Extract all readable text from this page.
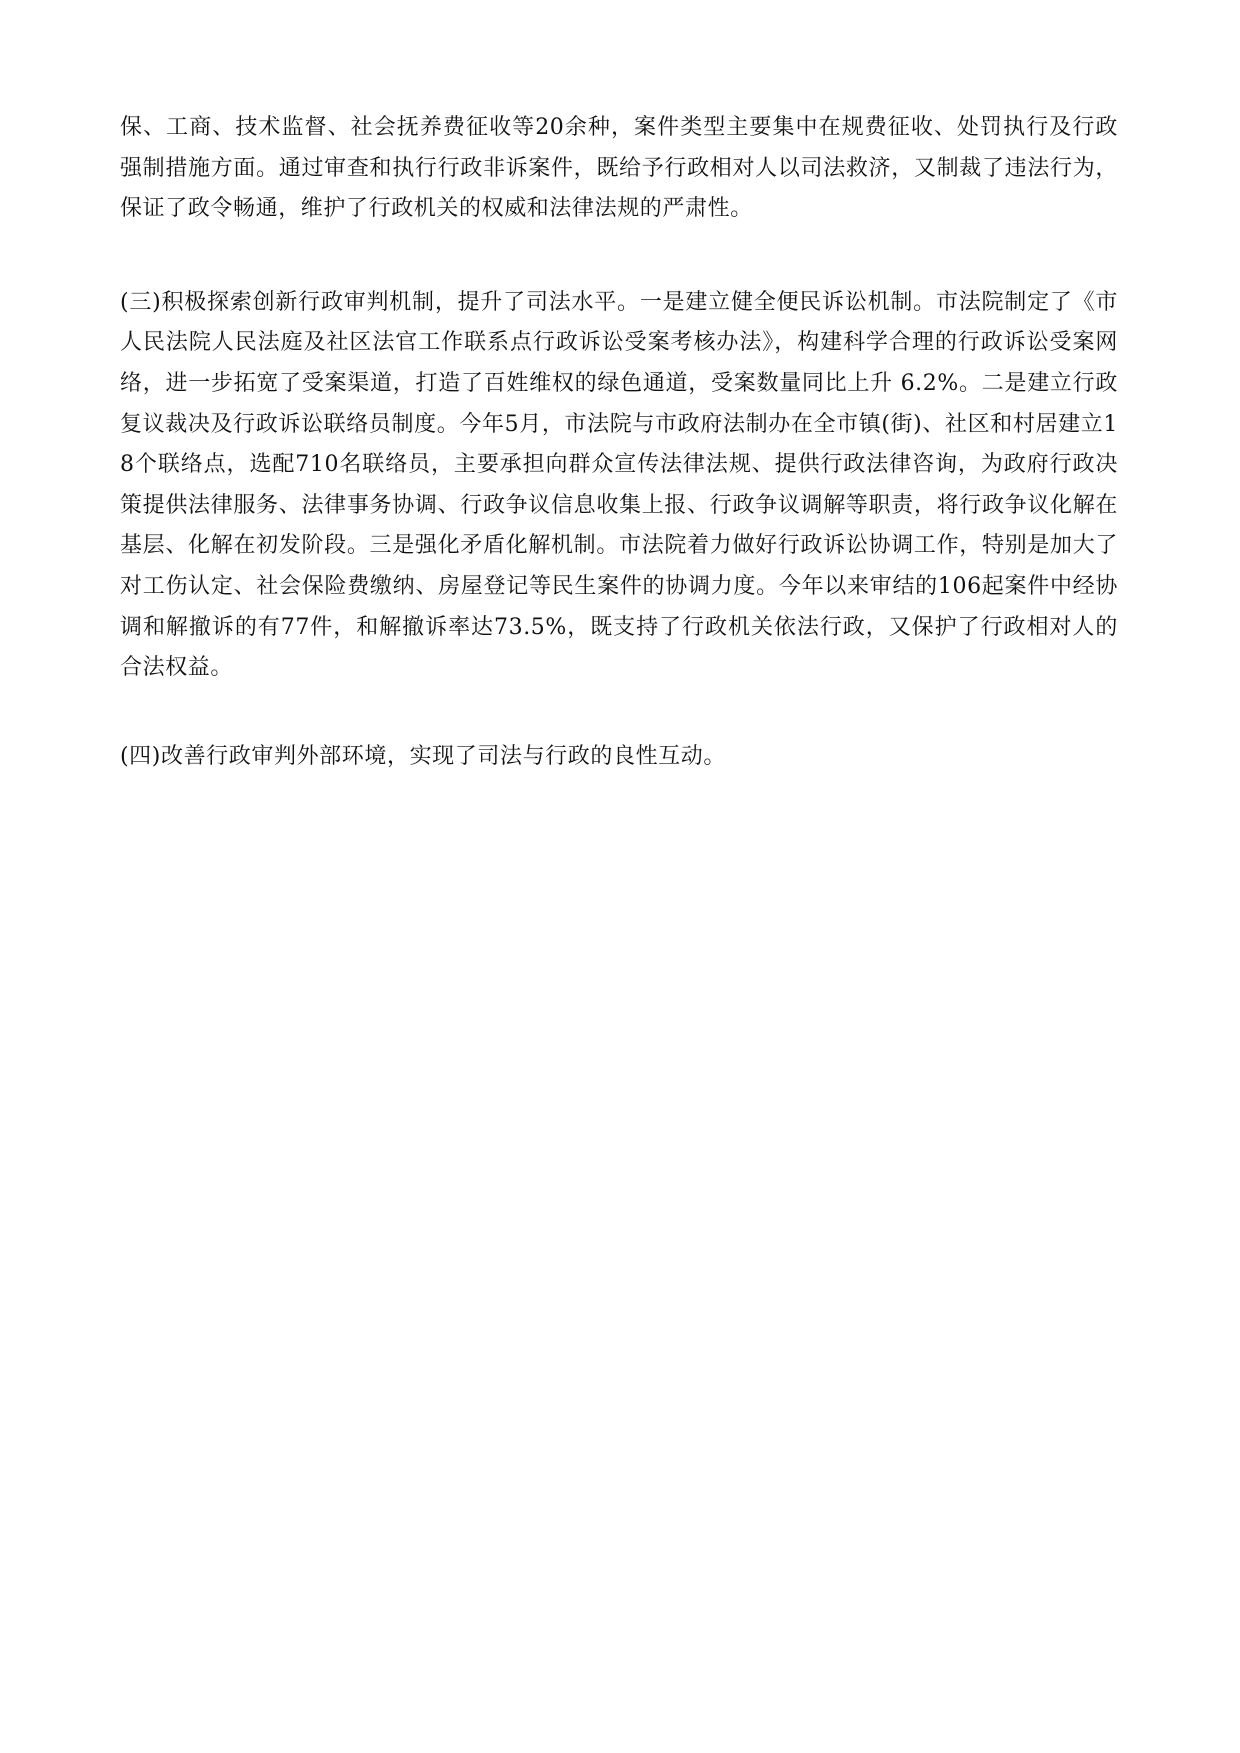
保、工商、技术监督、社会抚养费征收等20余种，案件类型主要集中在规费征收、处罚执行及行政强制措施方面。通过审查和执行行政非诉案件，既给予行政相对人以司法救济，又制裁了违法行为，保证了政令畅通，维护了行政机关的权威和法律法规的严肃性。

(三)积极探索创新行政审判机制，提升了司法水平。一是建立健全便民诉讼机制。市法院制定了《市人民法院人民法庭及社区法官工作联系点行政诉讼受案考核办法》，构建科学合理的行政诉讼受案网络，进一步拓宽了受案渠道，打造了百姓维权的绿色通道，受案数量同比上升 6.2%。二是建立行政复议裁决及行政诉讼联络员制度。今年5月，市法院与市政府法制办在全市镇(街)、社区和村居建立18个联络点，选配710名联络员，主要承担向群众宣传法律法规、提供行政法律咨询，为政府行政决策提供法律服务、法律事务协调、行政争议信息收集上报、行政争议调解等职责，将行政争议化解在基层、化解在初发阶段。三是强化矛盾化解机制。市法院着力做好行政诉讼协调工作，特别是加大了对工伤认定、社会保险费缴纳、房屋登记等民生案件的协调力度。今年以来审结的106起案件中经协调和解撤诉的有77件，和解撤诉率达73.5%，既支持了行政机关依法行政，又保护了行政相对人的合法权益。

(四)改善行政审判外部环境，实现了司法与行政的良性互动。
